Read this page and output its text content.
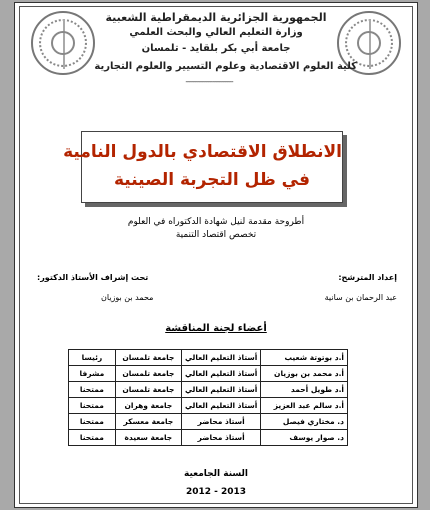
الجمهورية الجزائرية الديمقراطية الشعبية
وزارة التعليم العالي والبحث العلمي
جامعة أبي بكر بلقايد - تلمسان
كلية العلوم الاقتصادية وعلوم التسيير والعلوم التجارية
-------------------------
الانطلاق الاقتصادي بالدول النامية
في ظل التجربة الصينية
أطروحة مقدمة لنيل شهادة الدكتوراه في العلوم
تخصص اقتصاد التنمية
إعداد المترشح:
عبد الرحمان بن سانية
تحت إشراف الأستاذ الدكتور:
محمد بن بوزيان
أعضاء لجنة المناقشة
أ.د بوتوتة شعيب	أستاذ التعليم العالي	جامعة تلمسان	رئيسا
أ.د محمد بن بوزيان	أستاذ التعليم العالي	جامعة تلمسان	مشرفا
أ.د طويل أحمد	أستاذ التعليم العالي	جامعة تلمسان	ممتحنا
أ.د سالم عبد العزيز	أستاذ التعليم العالي	جامعة وهران	ممتحنا
د. مختاري فيصل	أستاذ محاضر	جامعة معسكر	ممتحنا
د. صوار يوسف	أستاذ محاضر	جامعة سعيدة	ممتحنا
السنة الجامعية
2012 - 2013
